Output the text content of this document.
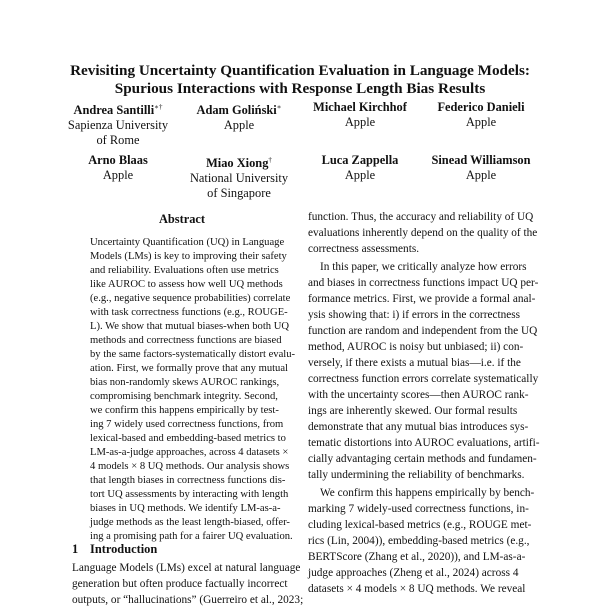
Revisiting Uncertainty Quantification Evaluation in Language Models:
Spurious Interactions with Response Length Bias Results
Andrea Santilli∗†
Sapienza University
of Rome
Adam Goliński∗
Apple
Michael Kirchhof
Apple
Federico Danieli
Apple
Arno Blaas
Apple
Miao Xiong†
National University
of Singapore
Luca Zappella
Apple
Sinead Williamson
Apple
Abstract
Uncertainty Quantification (UQ) in Language
Models (LMs) is key to improving their safety
and reliability. Evaluations often use metrics
like AUROC to assess how well UQ methods
(e.g., negative sequence probabilities) correlate
with task correctness functions (e.g., ROUGE-
L). We show that mutual biases-when both UQ
methods and correctness functions are biased
by the same factors-systematically distort evalu-
ation. First, we formally prove that any mutual
bias non-randomly skews AUROC rankings,
compromising benchmark integrity. Second,
we confirm this happens empirically by test-
ing 7 widely used correctness functions, from
lexical-based and embedding-based metrics to
LM-as-a-judge approaches, across 4 datasets ×
4 models × 8 UQ methods. Our analysis shows
that length biases in correctness functions dis-
tort UQ assessments by interacting with length
biases in UQ methods. We identify LM-as-a-
judge methods as the least length-biased, offer-
ing a promising path for a fairer UQ evaluation.
1 Introduction
Language Models (LMs) excel at natural language
generation but often produce factually incorrect
outputs, or “hallucinations” (Guerreiro et al., 2023;
function. Thus, the accuracy and reliability of UQ
evaluations inherently depend on the quality of the
correctness assessments.
In this paper, we critically analyze how errors
and biases in correctness functions impact UQ per-
formance metrics. First, we provide a formal anal-
ysis showing that: i) if errors in the correctness
function are random and independent from the UQ
method, AUROC is noisy but unbiased; ii) con-
versely, if there exists a mutual bias—i.e. if the
correctness function errors correlate systematically
with the uncertainty scores—then AUROC rank-
ings are inherently skewed. Our formal results
demonstrate that any mutual bias introduces sys-
tematic distortions into AUROC evaluations, artifi-
cially advantaging certain methods and fundamen-
tally undermining the reliability of benchmarks.
We confirm this happens empirically by bench-
marking 7 widely-used correctness functions, in-
cluding lexical-based metrics (e.g., ROUGE met-
rics (Lin, 2004)), embedding-based metrics (e.g.,
BERTScore (Zhang et al., 2020)), and LM-as-a-
judge approaches (Zheng et al., 2024) across 4
datasets × 4 models × 8 UQ methods. We reveal
